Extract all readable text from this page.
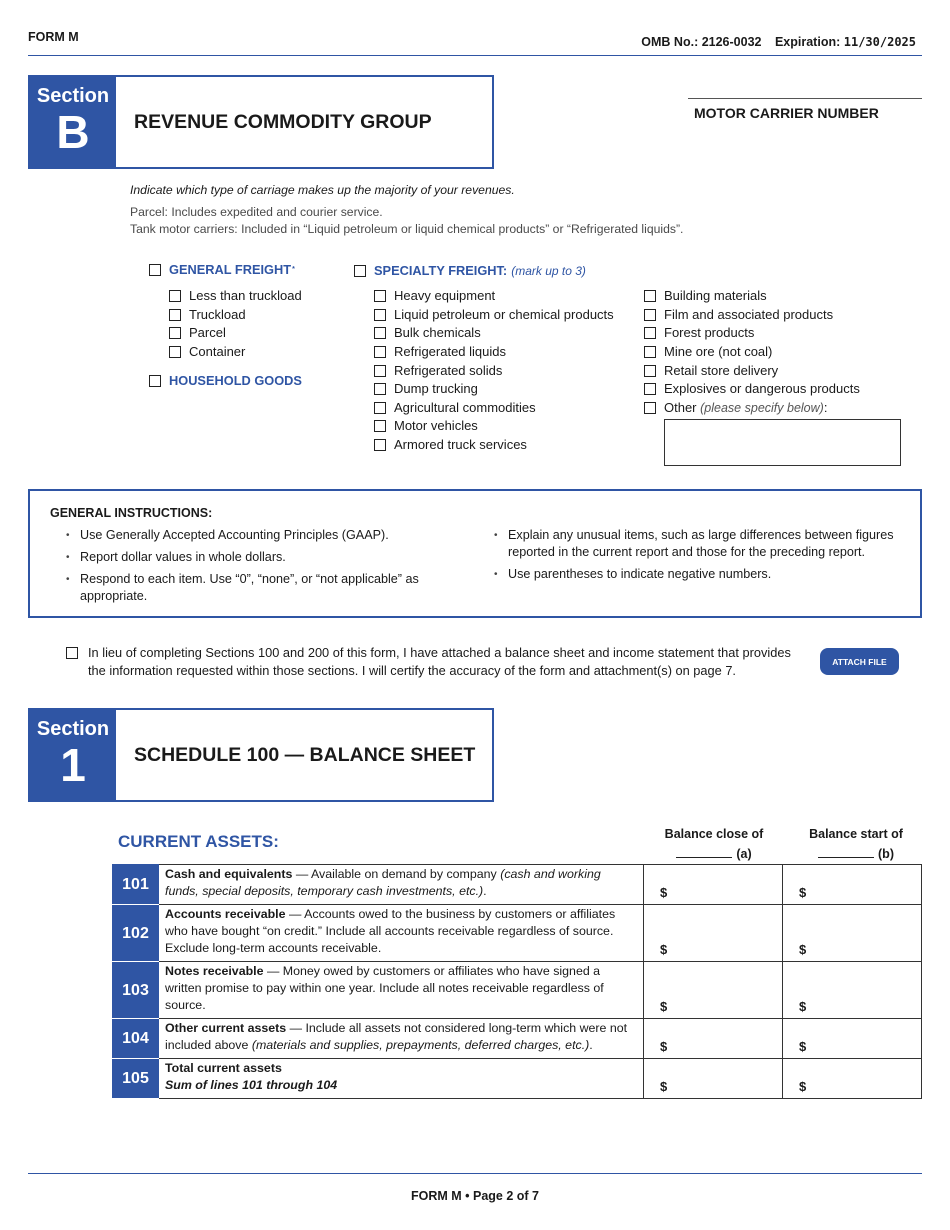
FORM M	OMB No.: 2126-0032 Expiration: 11/30/2025
Section
B	REVENUE COMMODITY GROUP	MOTOR CARRIER NUMBER
Indicate which type of carriage makes up the majority of your revenues.
Parcel: Includes expedited and courier service.
Tank motor carriers: Included in “Liquid petroleum or liquid chemical products” or “Refrigerated liquids”.
GENERAL FREIGHT *
Less than truckload
Truckload
Parcel
Container
HOUSEHOLD GOODS
SPECIALTY FREIGHT: (mark up to 3)
Heavy equipment
Liquid petroleum or chemical products
Bulk chemicals
Refrigerated liquids
Refrigerated solids
Dump trucking
Agricultural commodities
Motor vehicles
Armored truck services
Building materials
Film and associated products
Forest products
Mine ore (not coal)
Retail store delivery
Explosives or dangerous products
Other
(please specify below) :
GENERAL INSTRUCTIONS:
• Use Generally Accepted Accounting Principles (GAAP).
• Report dollar values in whole dollars.
• Respond to each item. Use “0”, “none”, or “not applicable” as appropriate.
• Explain any unusual items, such as large differences between figures reported in the current report and those for the preceding report.
• Use parentheses to indicate negative numbers.
In lieu of completing Sections 100 and 200 of this form, I have attached a balance sheet and income statement that provides the information requested within those sections. I will certify the accuracy of the form and attachment(s) on page 7.
ATTACH FILE
Section
1	SCHEDULE 100 — BALANCE SHEET
CURRENT ASSETS:	Balance close of
(a)
Balance start of
(b)
101	Cash and equivalents — Available on demand by company (cash and working funds, special deposits, temporary cash investments, etc.).	$	$
102	Accounts receivable — Accounts owed to the business by customers or affiliates who have bought “on credit.” Include all accounts receivable regardless of source. Exclude long-term accounts receivable.	$	$
103	Notes receivable — Money owed by customers or affiliates who have signed a written promise to pay within one year. Include all notes receivable regardless of source.	$	$
104	Other current assets — Include all assets not considered long-term which were not included above (materials and supplies, prepayments, deferred charges, etc.).	$	$
105	Total current assets
Sum of lines 101 through 104	$	$
FORM M • Page 2 of 7
